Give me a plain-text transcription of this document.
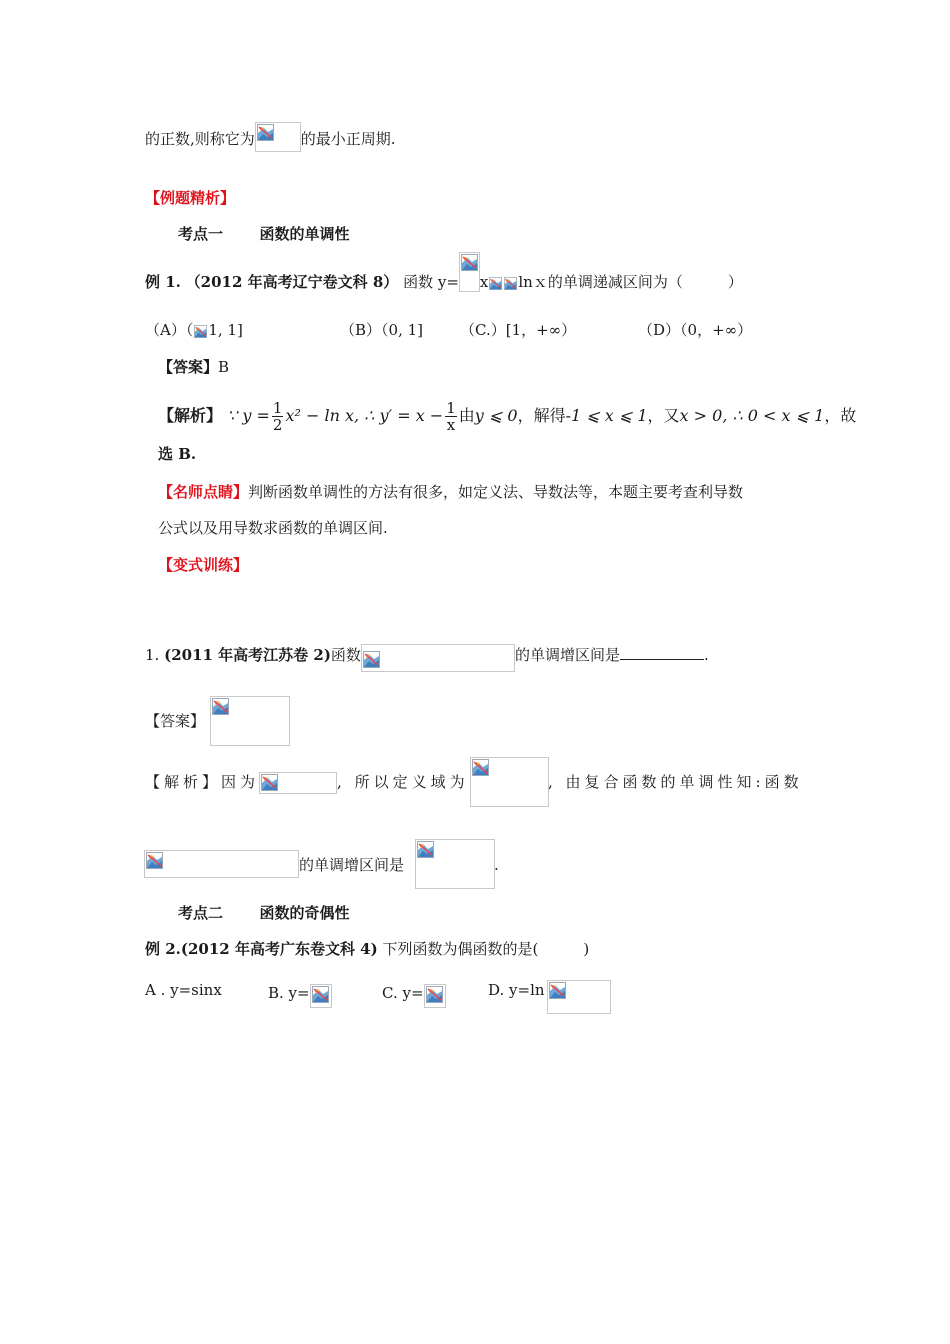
的正数,则称它为	的最小正周期.
【例题精析】
考点一 函数的单调性
例 1. （2012 年高考辽宁卷文科 8） 函数 y= x lnｘ的单调递减区间为（　　　）
（A）（ 1, 1]	（B）（0, 1] （C.）[1，+∞）	（D）（0，+∞）
【答案】B
【解析】 ∵ $y = \frac{1}{2} x^2 - \ln x$, ∴ $y' = x - \frac{1}{x}$ 由y ⩽ 0，解得-1 ⩽ x ⩽ 1，又x > 0, ∴ 0 < x ⩽ 1，故
选 B.
【名师点睛】判断函数单调性的方法有很多，如定义法、导数法等，本题主要考查利导数
公式以及用导数求函数的单调区间.
【变式训练】
1. (2011 年高考江苏卷 2)函数	的单调增区间是	.
【答案】
【解析】因为	, 所以定义域为	, 由复合函数的单调性知:函数
的单调增区间是	.
考点二 函数的奇偶性
例 2.(2012 年高考广东卷文科 4) 下列函数为偶函数的是(　　　)
A . y=sinx	B. y=	C. y=	D. y=ln
